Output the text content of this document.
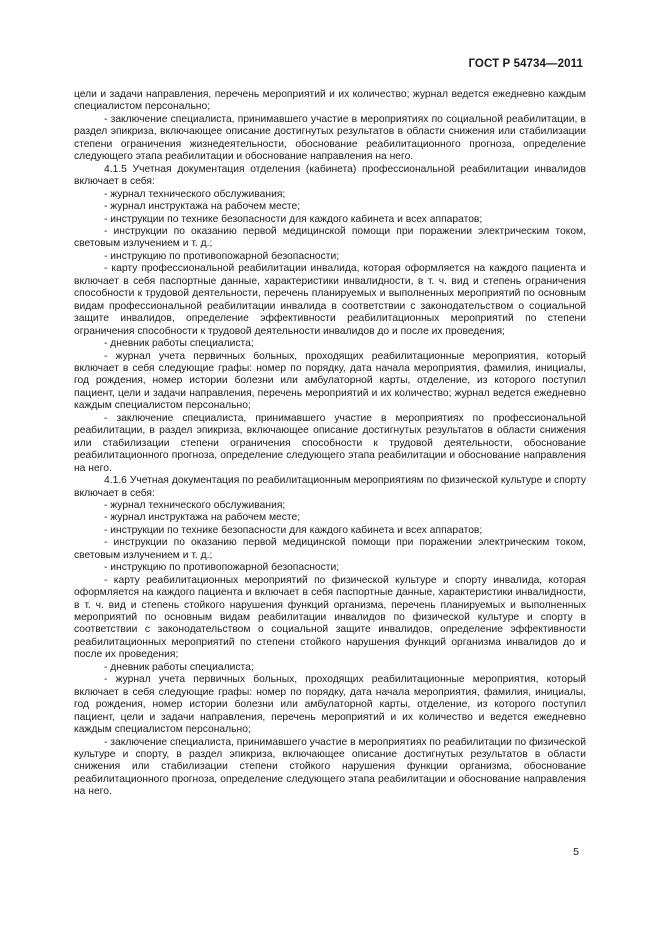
ГОСТ Р 54734—2011

цели и задачи направления, перечень мероприятий и их количество; журнал ведется ежедневно каждым специалистом персонально;

- заключение специалиста, принимавшего участие в мероприятиях по социальной реабилитации, в раздел эпикриза, включающее описание достигнутых результатов в области снижения или стабилизации степени ограничения жизнедеятельности, обоснование реабилитационного прогноза, определение следующего этапа реабилитации и обоснование направления на него.

4.1.5 Учетная документация отделения (кабинета) профессиональной реабилитации инвалидов включает в себя:

- журнал технического обслуживания;

- журнал инструктажа на рабочем месте;

- инструкции по технике безопасности для каждого кабинета и всех аппаратов;

- инструкции по оказанию первой медицинской помощи при поражении электрическим током, световым излучением и т. д.;

- инструкцию по противопожарной безопасности;

- карту профессиональной реабилитации инвалида, которая оформляется на каждого пациента и включает в себя паспортные данные, характеристики инвалидности, в т. ч. вид и степень ограничения способности к трудовой деятельности, перечень планируемых и выполненных мероприятий по основным видам профессиональной реабилитации инвалида в соответствии с законодательством о социальной защите инвалидов, определение эффективности реабилитационных мероприятий по степени ограничения способности к трудовой деятельности инвалидов до и после их проведения;

- дневник работы специалиста;

- журнал учета первичных больных, проходящих реабилитационные мероприятия, который включает в себя следующие графы: номер по порядку, дата начала мероприятия, фамилия, инициалы, год рождения, номер истории болезни или амбулаторной карты, отделение, из которого поступил пациент, цели и задачи направления, перечень мероприятий и их количество; журнал ведется ежедневно каждым специалистом персонально;

- заключение специалиста, принимавшего участие в мероприятиях по профессиональной реабилитации, в раздел эпикриза, включающее описание достигнутых результатов в области снижения или стабилизации степени ограничения способности к трудовой деятельности, обоснование реабилитационного прогноза, определение следующего этапа реабилитации и обоснование направления на него.

4.1.6 Учетная документация по реабилитационным мероприятиям по физической культуре и спорту включает в себя:

- журнал технического обслуживания;

- журнал инструктажа на рабочем месте;

- инструкции по технике безопасности для каждого кабинета и всех аппаратов;

- инструкции по оказанию первой медицинской помощи при поражении электрическим током, световым излучением и т. д.;

- инструкцию по противопожарной безопасности;

- карту реабилитационных мероприятий по физической культуре и спорту инвалида, которая оформляется на каждого пациента и включает в себя паспортные данные, характеристики инвалидности, в т. ч. вид и степень стойкого нарушения функций организма, перечень планируемых и выполненных мероприятий по основным видам реабилитации инвалидов по физической культуре и спорту в соответствии с законодательством о социальной защите инвалидов, определение эффективности реабилитационных мероприятий по степени стойкого нарушения функций организма инвалидов до и после их проведения;

- дневник работы специалиста;

- журнал учета первичных больных, проходящих реабилитационные мероприятия, который включает в себя следующие графы: номер по порядку, дата начала мероприятия, фамилия, инициалы, год рождения, номер истории болезни или амбулаторной карты, отделение, из которого поступил пациент, цели и задачи направления, перечень мероприятий и их количество и ведется ежедневно каждым специалистом персонально;

- заключение специалиста, принимавшего участие в мероприятиях по реабилитации по физической культуре и спорту, в раздел эпикриза, включающее описание достигнутых результатов в области снижения или стабилизации степени стойкого нарушения функции организма, обоснование реабилитационного прогноза, определение следующего этапа реабилитации и обоснование направления на него.

5
